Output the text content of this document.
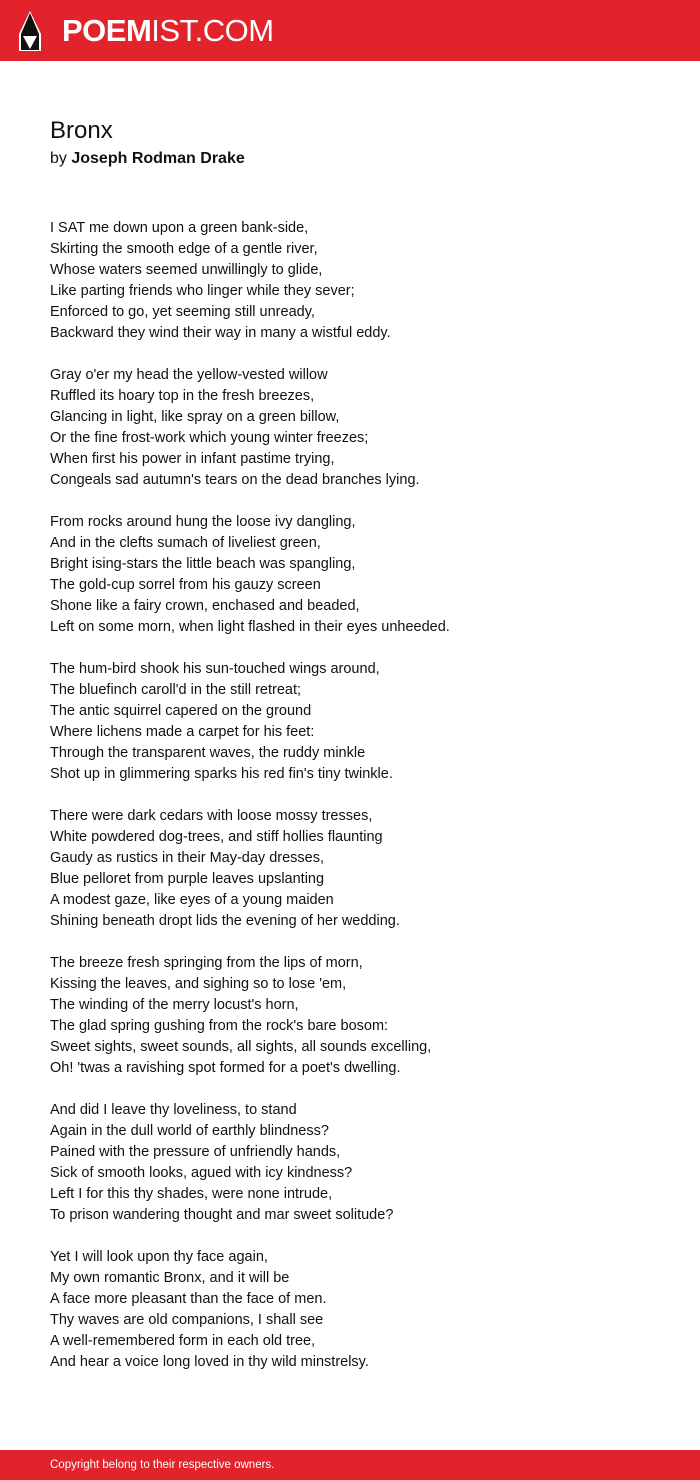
POEMIST.COM
Bronx
by Joseph Rodman Drake
I SAT me down upon a green bank-side,
Skirting the smooth edge of a gentle river,
Whose waters seemed unwillingly to glide,
Like parting friends who linger while they sever;
Enforced to go, yet seeming still unready,
Backward they wind their way in many a wistful eddy.
Gray o'er my head the yellow-vested willow
Ruffled its hoary top in the fresh breezes,
Glancing in light, like spray on a green billow,
Or the fine frost-work which young winter freezes;
When first his power in infant pastime trying,
Congeals sad autumn's tears on the dead branches lying.
From rocks around hung the loose ivy dangling,
And in the clefts sumach of liveliest green,
Bright ising-stars the little beach was spangling,
The gold-cup sorrel from his gauzy screen
Shone like a fairy crown, enchased and beaded,
Left on some morn, when light flashed in their eyes unheeded.
The hum-bird shook his sun-touched wings around,
The bluefinch caroll'd in the still retreat;
The antic squirrel capered on the ground
Where lichens made a carpet for his feet:
Through the transparent waves, the ruddy minkle
Shot up in glimmering sparks his red fin's tiny twinkle.
There were dark cedars with loose mossy tresses,
White powdered dog-trees, and stiff hollies flaunting
Gaudy as rustics in their May-day dresses,
Blue pelloret from purple leaves upslanting
A modest gaze, like eyes of a young maiden
Shining beneath dropt lids the evening of her wedding.
The breeze fresh springing from the lips of morn,
Kissing the leaves, and sighing so to lose 'em,
The winding of the merry locust's horn,
The glad spring gushing from the rock's bare bosom:
Sweet sights, sweet sounds, all sights, all sounds excelling,
Oh! 'twas a ravishing spot formed for a poet's dwelling.
And did I leave thy loveliness, to stand
Again in the dull world of earthly blindness?
Pained with the pressure of unfriendly hands,
Sick of smooth looks, agued with icy kindness?
Left I for this thy shades, were none intrude,
To prison wandering thought and mar sweet solitude?
Yet I will look upon thy face again,
My own romantic Bronx, and it will be
A face more pleasant than the face of men.
Thy waves are old companions, I shall see
A well-remembered form in each old tree,
And hear a voice long loved in thy wild minstrelsy.
Copyright belong to their respective owners.
